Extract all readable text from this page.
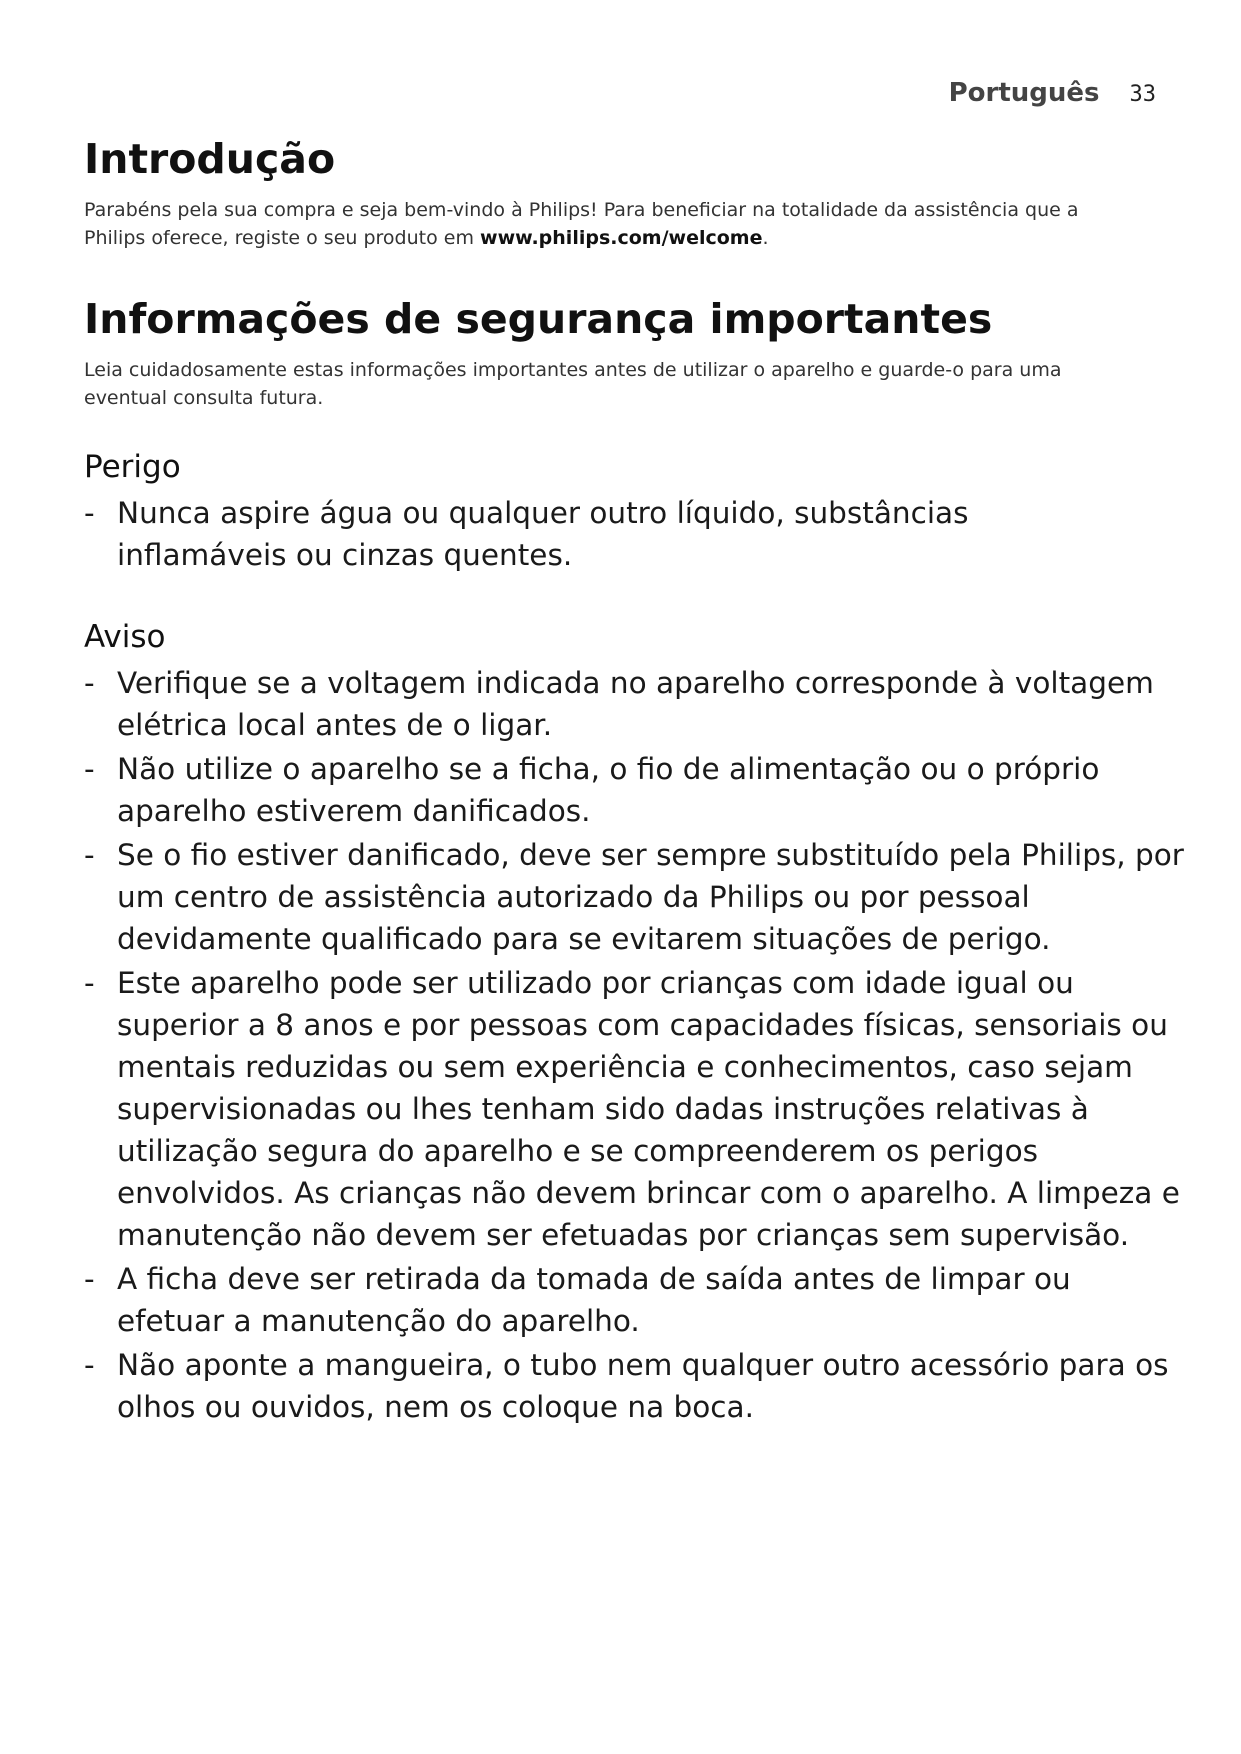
Português 33
Introdução

Parabéns pela sua compra e seja bem-vindo à Philips! Para beneficiar na totalidade da assistência que a Philips oferece, registe o seu produto em www.philips.com/welcome.

Informações de segurança importantes

Leia cuidadosamente estas informações importantes antes de utilizar o aparelho e guarde-o para uma eventual consulta futura.

Perigo
- Nunca aspire água ou qualquer outro líquido, substâncias inflamáveis ou cinzas quentes.
Aviso
- Verifique se a voltagem indicada no aparelho corresponde à voltagem elétrica local antes de o ligar.
- Não utilize o aparelho se a ficha, o fio de alimentação ou o próprio aparelho estiverem danificados.
- Se o fio estiver danificado, deve ser sempre substituído pela Philips, por um centro de assistência autorizado da Philips ou por pessoal devidamente qualificado para se evitarem situações de perigo.
- Este aparelho pode ser utilizado por crianças com idade igual ou superior a 8 anos e por pessoas com capacidades físicas, sensoriais ou mentais reduzidas ou sem experiência e conhecimentos, caso sejam supervisionadas ou lhes tenham sido dadas instruções relativas à utilização segura do aparelho e se compreenderem os perigos envolvidos. As crianças não devem brincar com o aparelho. A limpeza e manutenção não devem ser efetuadas por crianças sem supervisão.
- A ficha deve ser retirada da tomada de saída antes de limpar ou efetuar a manutenção do aparelho.
- Não aponte a mangueira, o tubo nem qualquer outro acessório para os olhos ou ouvidos, nem os coloque na boca.
